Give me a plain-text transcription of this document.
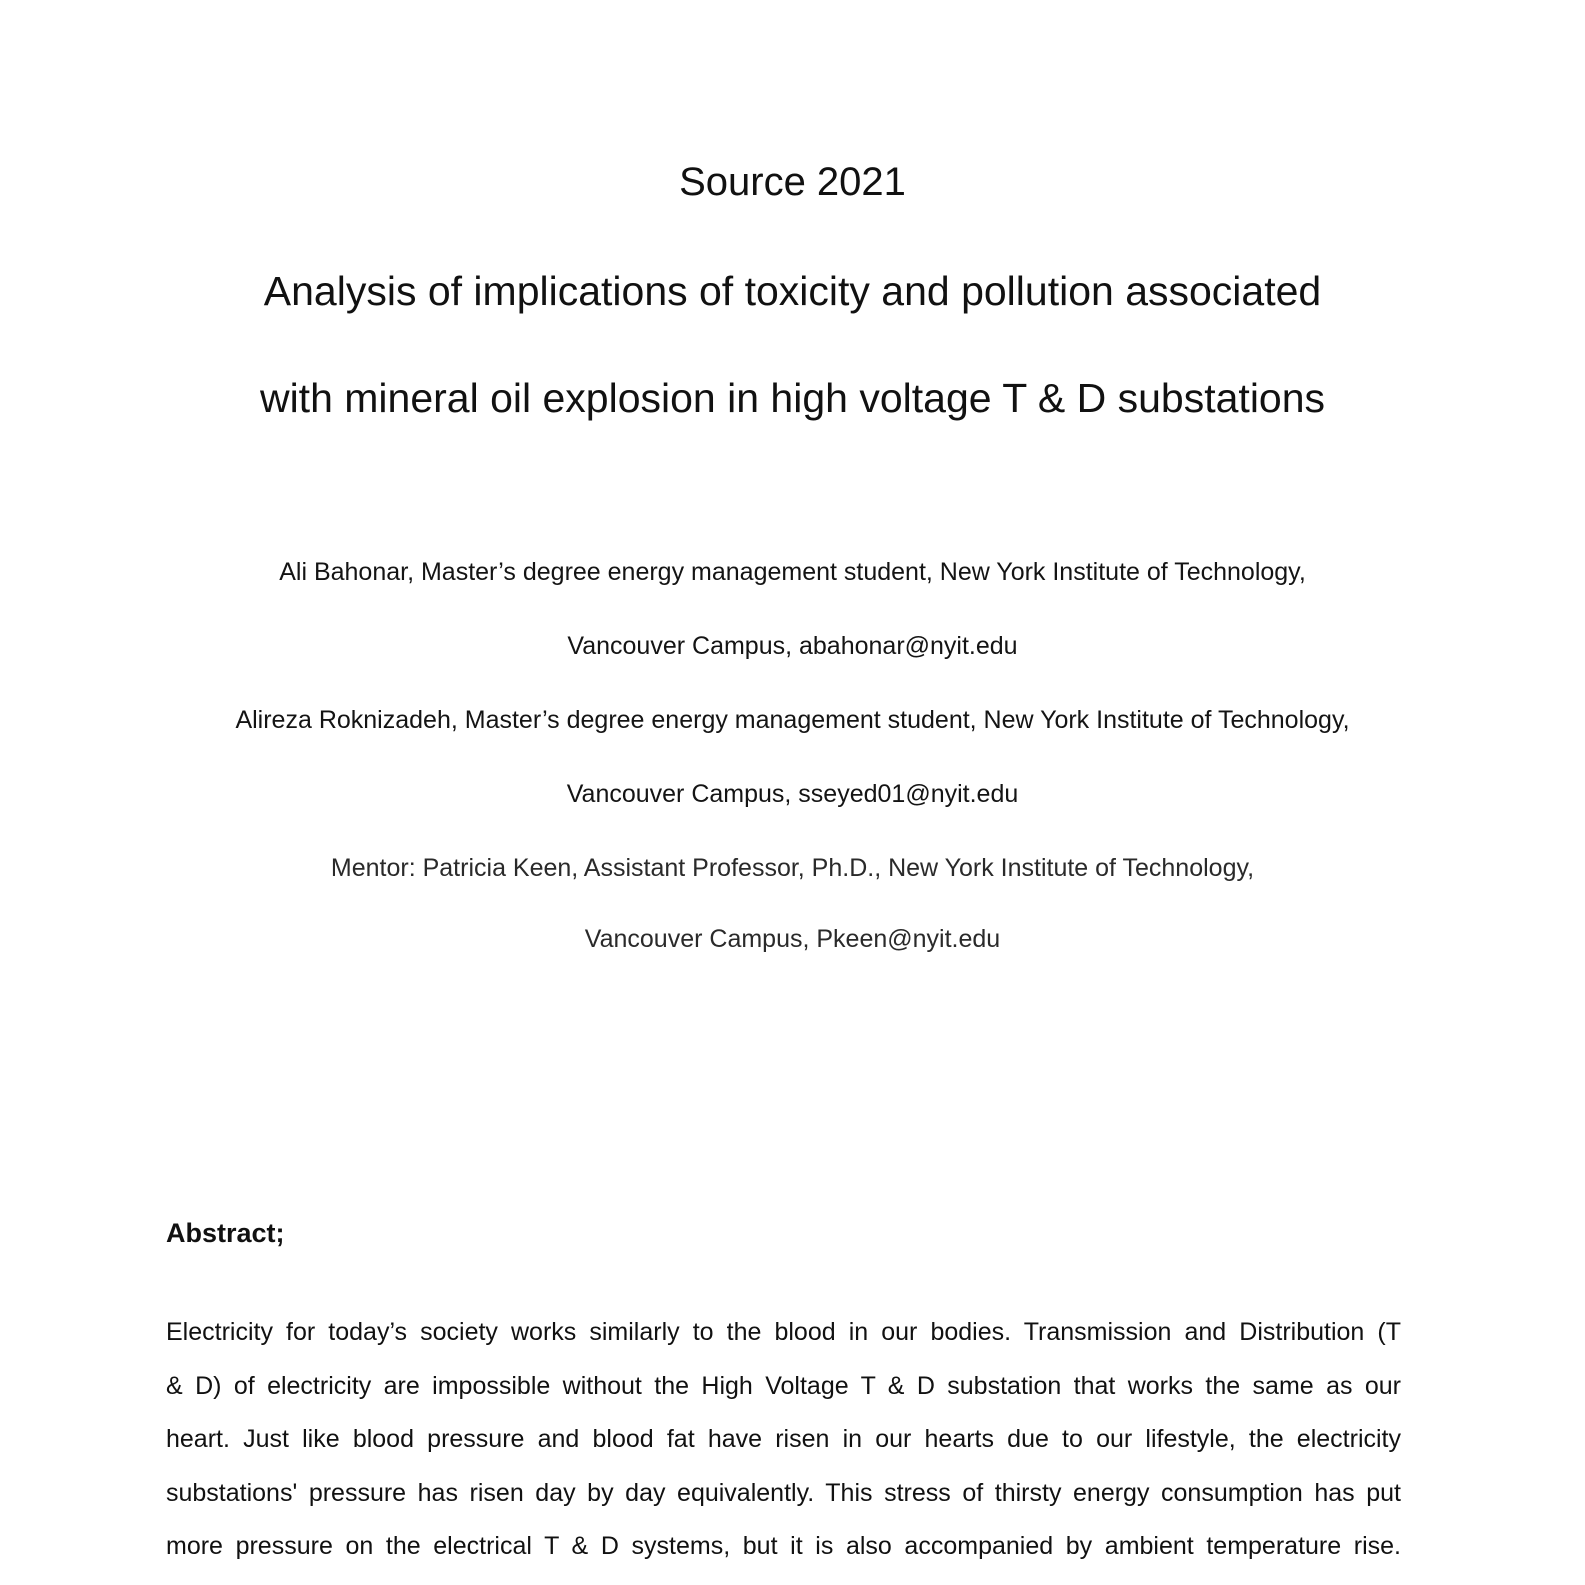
Source 2021
Analysis of implications of toxicity and pollution associated
with mineral oil explosion in high voltage T & D substations
Ali Bahonar, Master’s degree energy management student, New York Institute of Technology,
Vancouver Campus, abahonar@nyit.edu
Alireza Roknizadeh, Master’s degree energy management student, New York Institute of Technology,
Vancouver Campus, sseyed01@nyit.edu
Mentor: Patricia Keen, Assistant Professor, Ph.D., New York Institute of Technology,
Vancouver Campus, Pkeen@nyit.edu
Abstract;
Electricity for today’s society works similarly to the blood in our bodies. Transmission and Distribution (T
& D) of electricity are impossible without the High Voltage T & D substation that works the same as our
heart. Just like blood pressure and blood fat have risen in our hearts due to our lifestyle, the electricity
substations' pressure has risen day by day equivalently. This stress of thirsty energy consumption has put
more pressure on the electrical T & D systems, but it is also accompanied by ambient temperature rise.
